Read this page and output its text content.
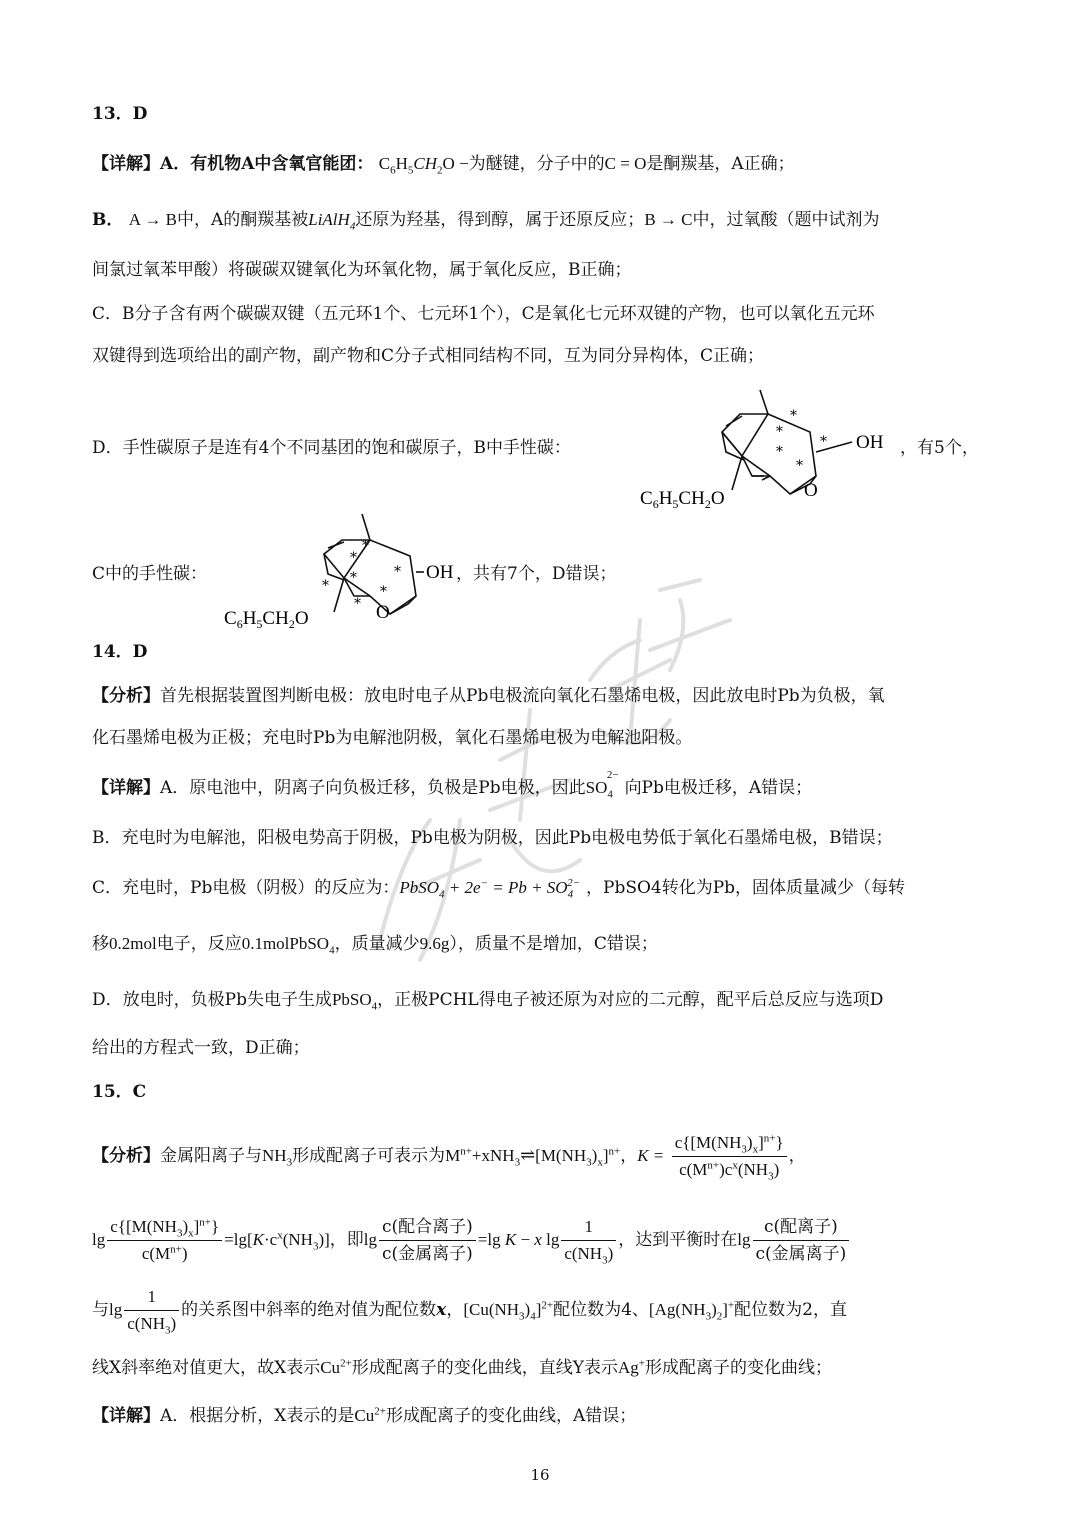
13．D
【详解】A．有机物A中含氧官能团： $C_6H_5CH_2O$ −为醚键，分子中的C = O是酮羰基，A正确；
B． A → B中，A的酮羰基被LiAlH$_4$还原为羟基，得到醇，属于还原反应；B → C中，过氧酸（题中试剂为
间氯过氧苯甲酸）将碳碳双键氧化为环氧化物，属于氧化反应，B正确；
C．B分子含有两个碳碳双键（五元环1个、七元环1个），C是氧化七元环双键的产物，也可以氧化五元环
双键得到选项给出的副产物，副产物和C分子式相同结构不同，互为同分异构体，C正确；
D．手性碳原子是连有4个不同基团的饱和碳原子，B中手性碳：	，有5个，
*
*
*
*
*
OH
O
$C_6H_5CH_2O$
C中的手性碳：
*
*
*
*
*
*
*
OH
O
$C_6H_5CH_2O$
，共有7个，D错误；
14．D
【分析】首先根据装置图判断电极：放电时电子从Pb电极流向氧化石墨烯电极，因此放电时Pb为负极，氧
化石墨烯电极为正极；充电时Pb为电解池阴极，氧化石墨烯电极为电解池阳极。
【详解】A．原电池中，阴离子向负极迁移，负极是Pb电极，因此$SO_4^{2-}$向Pb电极迁移，A错误；
B．充电时为电解池，阳极电势高于阴极，Pb电极为阴极，因此Pb电极电势低于氧化石墨烯电极，B错误；
C．充电时，Pb电极（阴极）的反应为：PbSO$_4$ + $2e^- = Pb + SO_4^{2-}$ ，PbSO4转化为Pb，固体质量减少（每转
移0.2mol电子，反应0.1molPbSO$_4$，质量减少9.6g），质量不是增加，C错误；
D．放电时，负极Pb失电子生成PbSO$_4$，正极PCHL得电子被还原为对应的二元醇，配平后总反应与选项D
给出的方程式一致，D正确；
15．C
【分析】金属阳离子与$NH_3$形成配离子可表示为$M^{n+}+xNH_3\rightleftharpoons[M(NH_3)_x]^{n+}$，$K = \frac{c\{[M(NH_3)_x]^{n+}\}}{c(M^{n+})c^x(NH_3)}$ ，
$\lg \frac{c\{[M(NH_3)_x]^{n+}\}}{c(M^{n+})} =\lg[K\cdot c^x(NH_3)]$，即$\lg \frac{\text{c(配合离子)}}{\text{c(金属离子)}} =\lg$ K − x $\lg \frac{1}{c(NH_3)}$ ，达到平衡时在$\lg \frac{\text{c(配离子)}}{\text{c(金属离子)}}$
与$\lg \frac{1}{c(NH_3)}$ 的关系图中斜率的绝对值为配位数x，$[Cu(NH_3)_4]^{2+}$配位数为4、$[Ag(NH_3)_2]^+$配位数为2，直
线X斜率绝对值更大，故X表示$Cu^{2+}$形成配离子的变化曲线，直线Y表示Ag+形成配离子的变化曲线；
【详解】A．根据分析，X表示的是$Cu^{2+}$形成配离子的变化曲线，A错误；
16
